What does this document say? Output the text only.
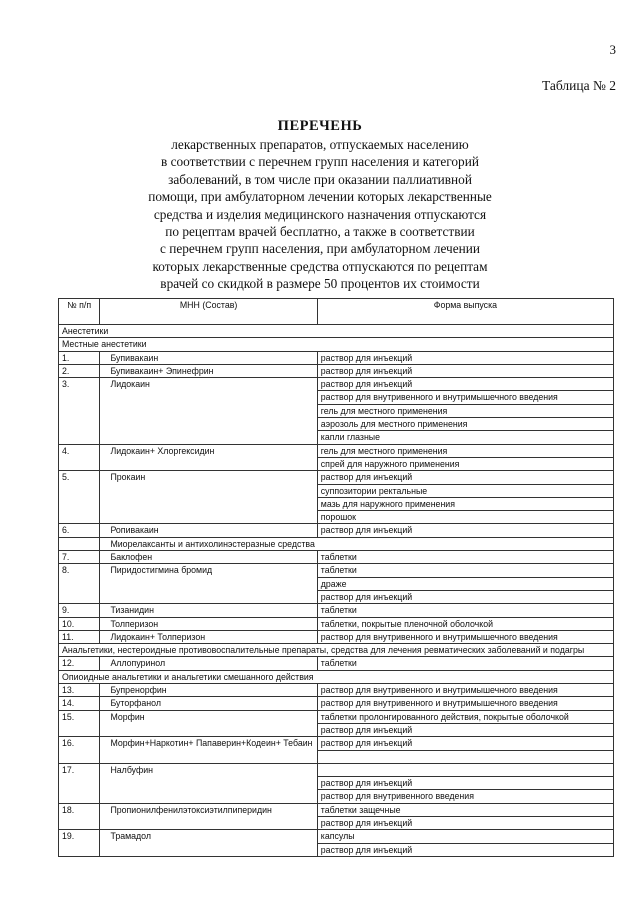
3
Таблица № 2
ПЕРЕЧЕНЬ
лекарственных препаратов, отпускаемых населению
в соответствии с перечнем групп населения и категорий
заболеваний, в том числе при оказании паллиативной
помощи, при амбулаторном лечении которых лекарственные
средства и изделия медицинского назначения отпускаются
по рецептам врачей бесплатно, а также в соответствии
с перечнем групп населения, при амбулаторном лечении
которых лекарственные средства отпускаются по рецептам
врачей со скидкой в размере 50 процентов их стоимости
№ п/п	МНН (Состав)	Форма выпуска
Анестетики		
Местные анестетики		
1.	Бупивакаин	раствор для инъекций
2.	Бупивакаин+ Эпинефрин	раствор для инъекций
3.	Лидокаин	раствор для инъекций
		раствор для внутривенного и внутримышечного введения
		гель для местного применения
		аэрозоль для местного применения
		капли глазные
4.	Лидокаин+ Хлоргексидин	гель для местного применения
		спрей для наружного применения
5.	Прокаин	раствор для инъекций
		суппозитории ректальные
		мазь для наружного применения
		порошок
6.	Ропивакаин	раствор для инъекций
	Миорелаксанты и антихолинэстеразные средства	
7.	Баклофен	таблетки
8.	Пиридостигмина бромид	таблетки
		драже
		раствор для инъекций
9.	Тизанидин	таблетки
10.	Толперизон	таблетки, покрытые пленочной оболочкой
11.	Лидокаин+ Толперизон	раствор для внутривенного и внутримышечного введения
Анальгетики, нестероидные противовоспалительные препараты, средства для лечения ревматических заболеваний и подагры		
12.	Аллопуринол	таблетки
Опиоидные анальгетики и анальгетики смешанного действия		
13.	Бупренорфин	раствор для внутривенного и внутримышечного введения
14.	Буторфанол	раствор для внутривенного и внутримышечного введения
15.	Морфин	таблетки пролонгированного действия, покрытые оболочкой
		раствор для инъекций
16.	Морфин+Наркотин+ Папаверин+Кодеин+ Тебаин	раствор для инъекций

17.	Налбуфин	
		раствор для инъекций
		раствор для внутривенного введения
18.	Пропионилфенилэтоксиэтилпиперидин	таблетки защечные
		раствор для инъекций
19.	Трамадол	капсулы
		раствор для инъекций
